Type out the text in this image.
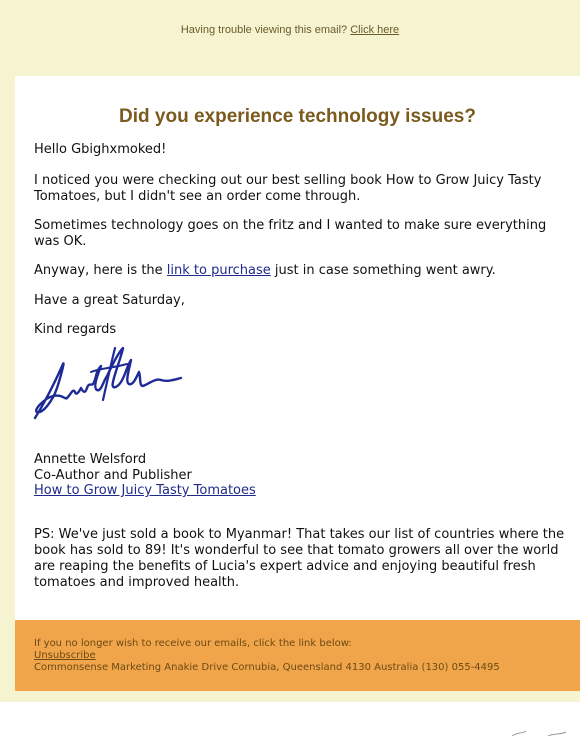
Having trouble viewing this email? Click here
Did you experience technology issues?
Hello Gbighxmoked!
I noticed you were checking out our best selling book How to Grow Juicy Tasty Tomatoes, but I didn't see an order come through.
Sometimes technology goes on the fritz and I wanted to make sure everything was OK.
Anyway, here is the link to purchase just in case something went awry.
Have a great Saturday,
Kind regards
Annette Welsford
Co-Author and Publisher
How to Grow Juicy Tasty Tomatoes
PS: We've just sold a book to Myanmar! That takes our list of countries where the book has sold to 89! It's wonderful to see that tomato growers all over the world are reaping the benefits of Lucia's expert advice and enjoying beautiful fresh tomatoes and improved health.
If you no longer wish to receive our emails, click the link below:
Unsubscribe
Commonsense Marketing Anakie Drive Cornubia, Queensland 4130 Australia (130) 055-4495
